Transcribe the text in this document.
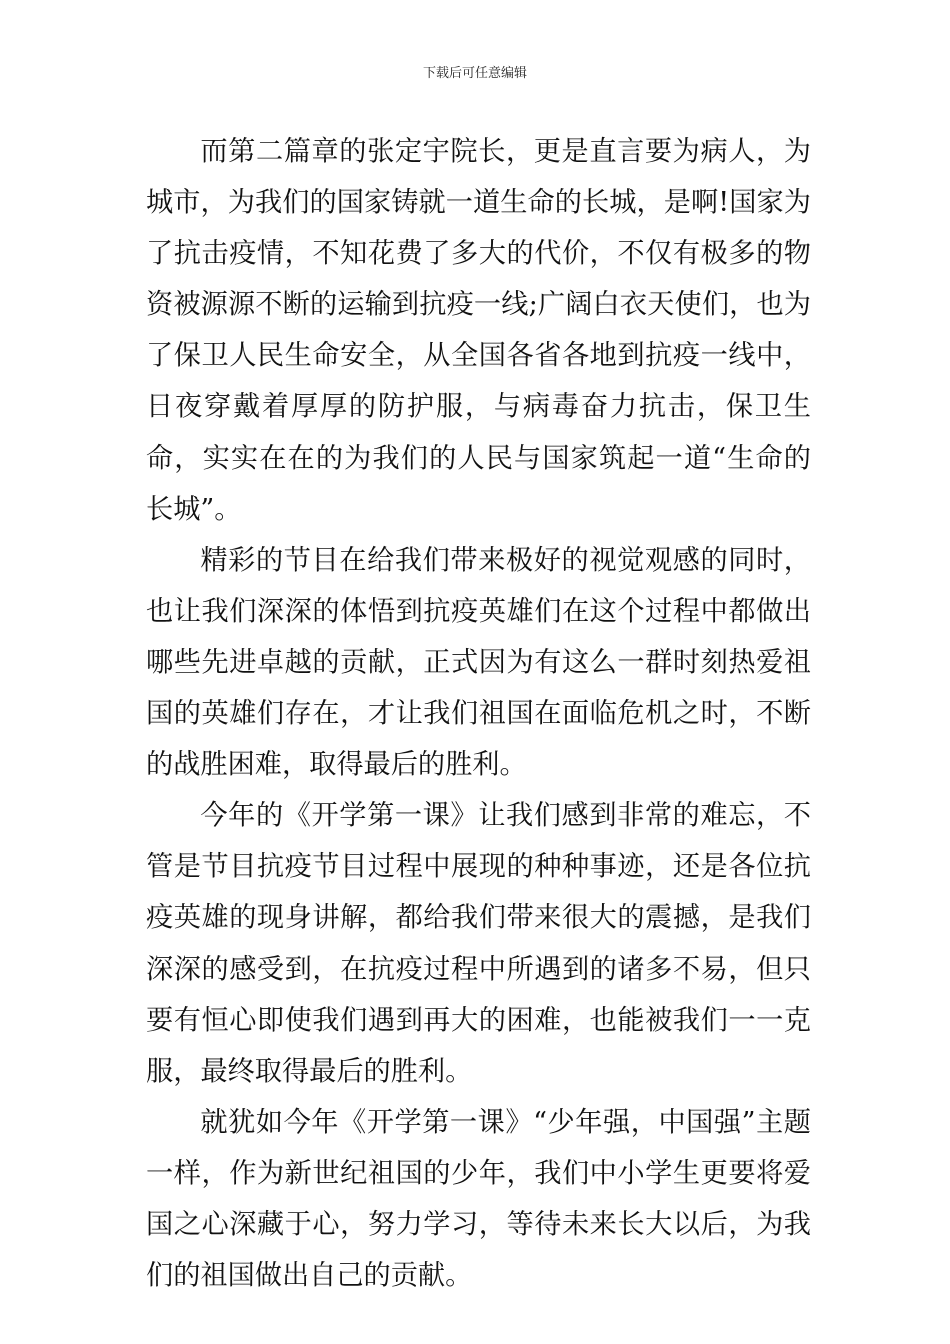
下载后可任意编辑

而第二篇章的张定宇院长，更是直言要为病人，为城市，为我们的国家铸就一道生命的长城，是啊!国家为了抗击疫情，不知花费了多大的代价，不仅有极多的物资被源源不断的运输到抗疫一线;广阔白衣天使们，也为了保卫人民生命安全，从全国各省各地到抗疫一线中，日夜穿戴着厚厚的防护服，与病毒奋力抗击，保卫生命，实实在在的为我们的人民与国家筑起一道“生命的长城”。

精彩的节目在给我们带来极好的视觉观感的同时，也让我们深深的体悟到抗疫英雄们在这个过程中都做出哪些先进卓越的贡献，正式因为有这么一群时刻热爱祖国的英雄们存在，才让我们祖国在面临危机之时，不断的战胜困难，取得最后的胜利。

今年的《开学第一课》让我们感到非常的难忘，不管是节目抗疫节目过程中展现的种种事迹，还是各位抗疫英雄的现身讲解，都给我们带来很大的震撼，是我们深深的感受到，在抗疫过程中所遇到的诸多不易，但只要有恒心即使我们遇到再大的困难，也能被我们一一克服，最终取得最后的胜利。

就犹如今年《开学第一课》“少年强，中国强”主题一样，作为新世纪祖国的少年，我们中小学生更要将爱国之心深藏于心，努力学习，等待未来长大以后，为我们的祖国做出自己的贡献。
